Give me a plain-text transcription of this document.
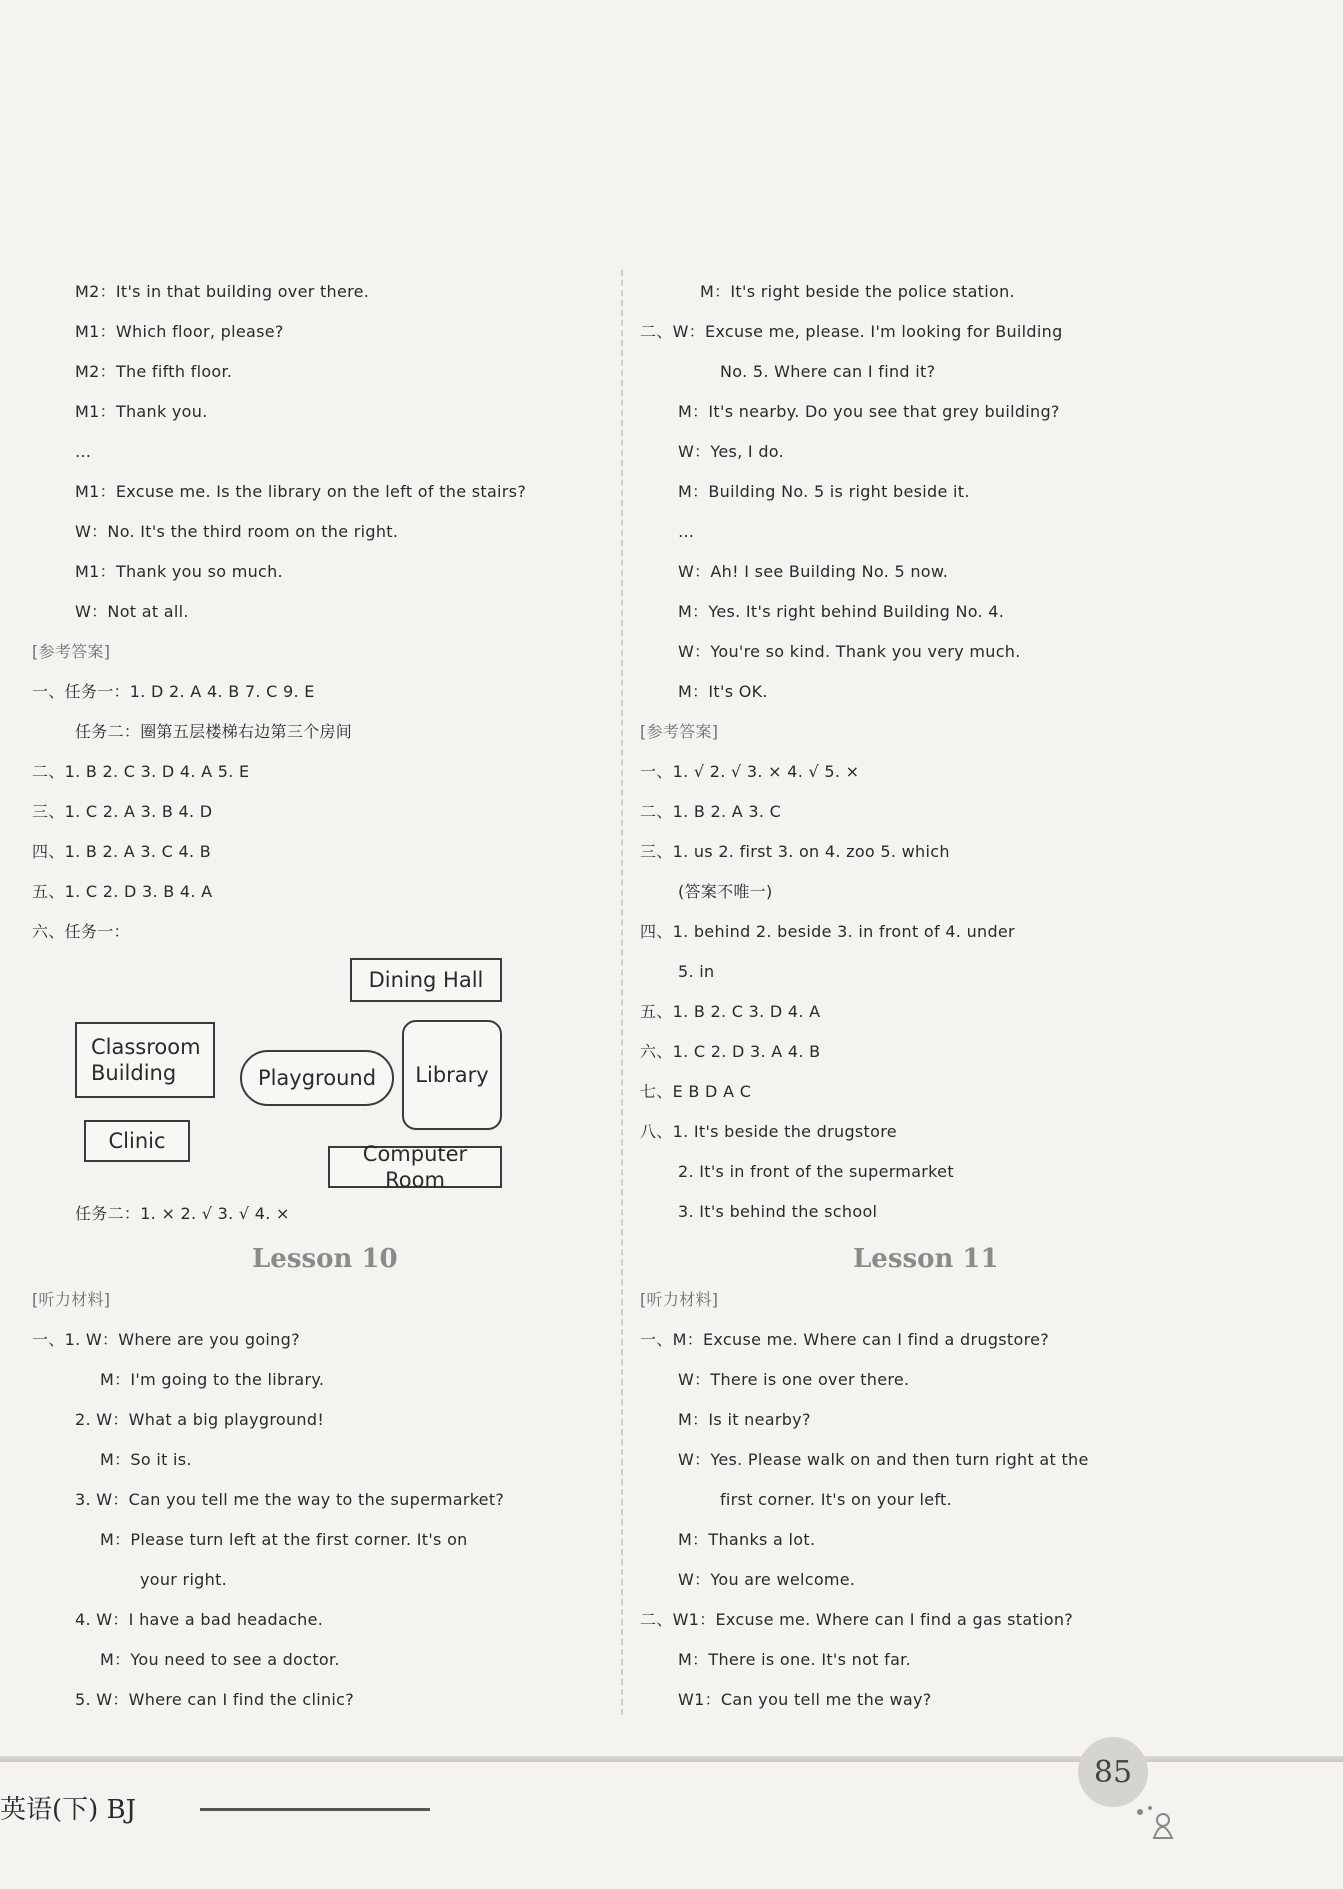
M2：It's in that building over there.
M1：Which floor, please?
M2：The fifth floor.
M1：Thank you.
…
M1：Excuse me. Is the library on the left of the stairs?
W：No. It's the third room on the right.
M1：Thank you so much.
W：Not at all.
[参考答案]
一、任务一：1. D 2. A 4. B 7. C 9. E
任务二：圈第五层楼梯右边第三个房间
二、1. B 2. C 3. D 4. A 5. E
三、1. C 2. A 3. B 4. D
四、1. B 2. A 3. C 4. B
五、1. C 2. D 3. B 4. A
六、任务一：
Dining Hall
Classroom Building	Playground	Library
Clinic
Computer Room
任务二：1. × 2. √ 3. √ 4. ×
Lesson 10
[听力材料]
一、1. W：Where are you going?
M：I'm going to the library.
2. W：What a big playground!
M：So it is.
3. W：Can you tell me the way to the supermarket?
M：Please turn left at the first corner. It's on
your right.
4. W：I have a bad headache.
M：You need to see a doctor.
5. W：Where can I find the clinic?
M：It's right beside the police station.
二、W：Excuse me, please. I'm looking for Building
No. 5. Where can I find it?
M：It's nearby. Do you see that grey building?
W：Yes, I do.
M：Building No. 5 is right beside it.
…
W：Ah! I see Building No. 5 now.
M：Yes. It's right behind Building No. 4.
W：You're so kind. Thank you very much.
M：It's OK.
[参考答案]
一、1. √ 2. √ 3. × 4. √ 5. ×
二、1. B 2. A 3. C
三、1. us 2. first 3. on 4. zoo 5. which
(答案不唯一)
四、1. behind 2. beside 3. in front of 4. under
5. in
五、1. B 2. C 3. D 4. A
六、1. C 2. D 3. A 4. B
七、E B D A C
八、1. It's beside the drugstore
2. It's in front of the supermarket
3. It's behind the school
Lesson 11
[听力材料]
一、M：Excuse me. Where can I find a drugstore?
W：There is one over there.
M：Is it nearby?
W：Yes. Please walk on and then turn right at the
first corner. It's on your left.
M：Thanks a lot.
W：You are welcome.
二、W1：Excuse me. Where can I find a gas station?
M：There is one. It's not far.
W1：Can you tell me the way?
英语(下) BJ
85
